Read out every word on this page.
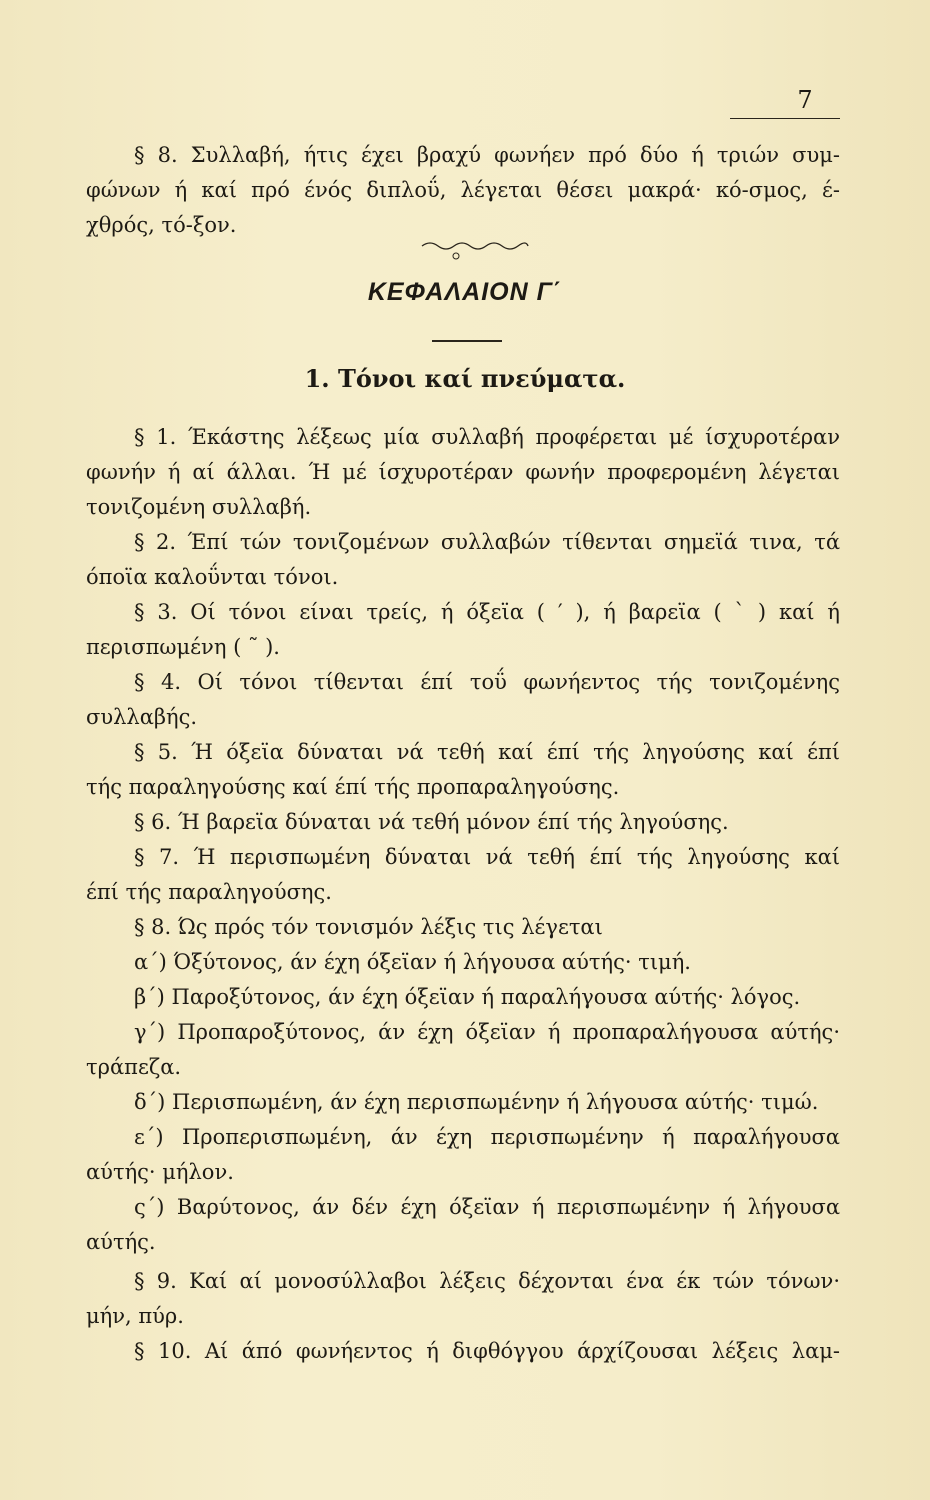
7
§ 8. Συλλαβή, ήτις έχει βραχύ φωνήεν πρό δύο ή τριών συμ-
φώνων ή καί πρό ένός διπλοΰ, λέγεται θέσει μακρά· κό-σμος, έ-
χθρός, τό-ξον.
ΚΕΦΑΛΑΙΟΝ Γ΄
1. Τόνοι καί πνεύματα.
§ 1. Έκάστης λέξεως μία συλλαβή προφέρεται μέ ίσχυροτέραν
φωνήν ή αί άλλαι. Ή μέ ίσχυροτέραν φωνήν προφερομένη λέγεται
τονιζομένη συλλαβή.
§ 2. Έπί τών τονιζομένων συλλαβών τίθενται σημεϊά τινα, τά
όποϊα καλοΰνται τόνοι.
§ 3. Οί τόνοι είναι τρείς, ή όξεϊα ( ′ ), ή βαρεϊα ( ` ) καί ή
περισπωμένη ( ˜ ).
§ 4. Οί τόνοι τίθενται έπί τοΰ φωνήεντος τής τονιζομένης
συλλαβής.
§ 5. Ή όξεϊα δύναται νά τεθή καί έπί τής ληγούσης καί έπί
τής παραληγούσης καί έπί τής προπαραληγούσης.
§ 6. Ή βαρεϊα δύναται νά τεθή μόνον έπί τής ληγούσης.
§ 7. Ή περισπωμένη δύναται νά τεθή έπί τής ληγούσης καί
έπί τής παραληγούσης.
§ 8. Ώς πρός τόν τονισμόν λέξις τις λέγεται
α΄) Όξύτονος, άν έχη όξεϊαν ή λήγουσα αύτής· τιμή.
β΄) Παροξύτονος, άν έχη όξεϊαν ή παραλήγουσα αύτής· λόγος.
γ΄) Προπαροξύτονος, άν έχη όξεϊαν ή προπαραλήγουσα αύτής·
τράπεζα.
δ΄) Περισπωμένη, άν έχη περισπωμένην ή λήγουσα αύτής· τιμώ.
ε΄) Προπερισπωμένη, άν έχη περισπωμένην ή παραλήγουσα
αύτής· μήλον.
ς΄) Βαρύτονος, άν δέν έχη όξεϊαν ή περισπωμένην ή λήγουσα
αύτής.
§ 9. Καί αί μονοσύλλαβοι λέξεις δέχονται ένα έκ τών τόνων·
μήν, πύρ.
§ 10. Αί άπό φωνήεντος ή διφθόγγου άρχίζουσαι λέξεις λαμ-
